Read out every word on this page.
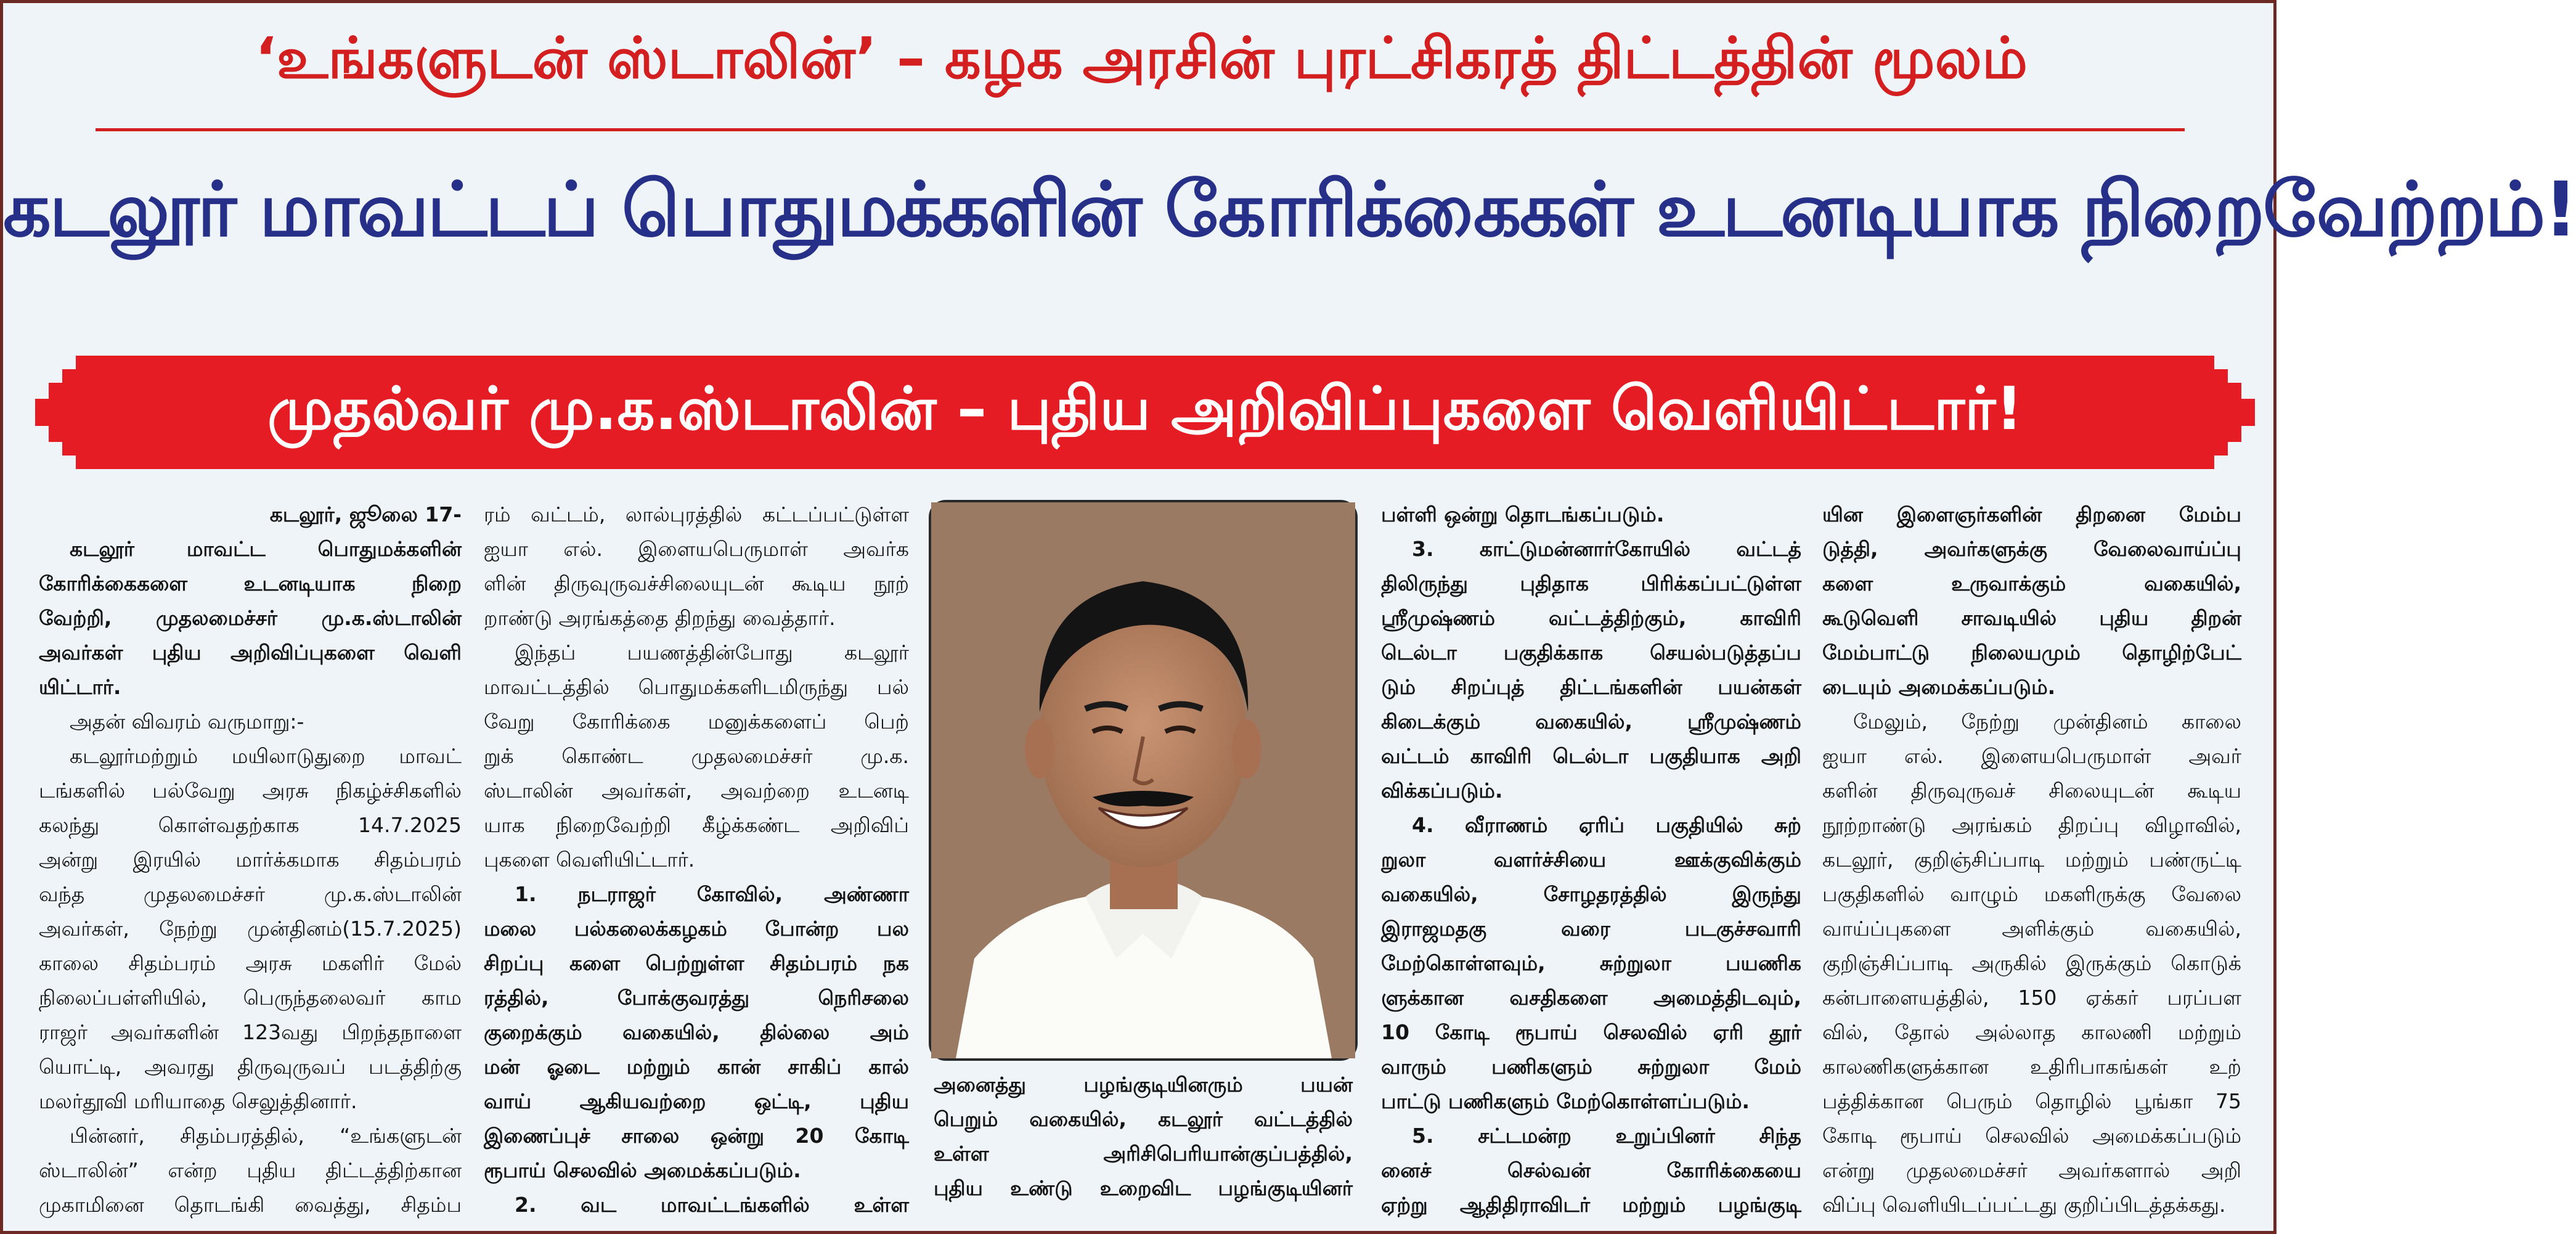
‘உங்களுடன் ஸ்டாலின்’ – கழக அரசின் புரட்சிகரத் திட்டத்தின் மூலம்
கடலூர் மாவட்டப் பொதுமக்களின் கோரிக்கைகள் உடனடியாக நிறைவேற்றம்!
முதல்வர் மு.க.ஸ்டாலின் – புதிய அறிவிப்புகளை வெளியிட்டார்!

கடலூர், ஜூலை 17-

கடலூர் மாவட்ட பொதுமக்களின்

கோரிக்கைகளை உடனடியாக நிறை

வேற்றி, முதலமைச்சர் மு.க.ஸ்டாலின்

அவர்கள் புதிய அறிவிப்புகளை வெளி

யிட்டார்.

அதன் விவரம் வருமாறு:-

கடலூர்மற்றும் மயிலாடுதுறை மாவட்

டங்களில் பல்வேறு அரசு நிகழ்ச்சிகளில்

கலந்து கொள்வதற்காக 14.7.2025

அன்று இரயில் மார்க்கமாக சிதம்பரம்

வந்த முதலமைச்சர் மு.க.ஸ்டாலின்

அவர்கள், நேற்று முன்தினம்(15.7.2025)

காலை சிதம்பரம் அரசு மகளிர் மேல்

நிலைப்பள்ளியில், பெருந்தலைவர் காம

ராஜர் அவர்களின் 123வது பிறந்தநாளை

யொட்டி, அவரது திருவுருவப் படத்திற்கு

மலர்தூவி மரியாதை செலுத்தினார்.

பின்னர், சிதம்பரத்தில், “உங்களுடன்

ஸ்டாலின்” என்ற புதிய திட்டத்திற்கான

முகாமினை தொடங்கி வைத்து, சிதம்ப

ரம் வட்டம், லால்புரத்தில் கட்டப்பட்டுள்ள

ஐயா எல். இளையபெருமாள் அவர்க

ளின் திருவுருவச்சிலையுடன் கூடிய நூற்

றாண்டு அரங்கத்தை திறந்து வைத்தார்.

இந்தப் பயணத்தின்போது கடலூர்

மாவட்டத்தில் பொதுமக்களிடமிருந்து பல்

வேறு கோரிக்கை மனுக்களைப் பெற்

றுக் கொண்ட முதலமைச்சர் மு.க.

ஸ்டாலின் அவர்கள், அவற்றை உடனடி

யாக நிறைவேற்றி கீழ்க்கண்ட அறிவிப்

புகளை வெளியிட்டார்.

1. நடராஜர் கோவில், அண்ணா

மலை பல்கலைக்கழகம் போன்ற பல

சிறப்பு களை பெற்றுள்ள சிதம்பரம் நக

ரத்தில், போக்குவரத்து நெரிசலை

குறைக்கும் வகையில், தில்லை அம்

மன் ஓடை மற்றும் கான் சாகிப் கால்

வாய் ஆகியவற்றை ஒட்டி, புதிய

இணைப்புச் சாலை ஒன்று 20 கோடி

ரூபாய் செலவில் அமைக்கப்படும்.

2. வட மாவட்டங்களில் உள்ள

அனைத்து பழங்குடியினரும் பயன்

பெறும் வகையில், கடலூர் வட்டத்தில்

உள்ள அரிசிபெரியான்குப்பத்தில்,

புதிய உண்டு உறைவிட பழங்குடியினர்

பள்ளி ஒன்று தொடங்கப்படும்.

3. காட்டுமன்னார்கோயில் வட்டத்

திலிருந்து புதிதாக பிரிக்கப்பட்டுள்ள

ஸ்ரீமுஷ்ணம் வட்டத்திற்கும், காவிரி

டெல்டா பகுதிக்காக செயல்படுத்தப்ப

டும் சிறப்புத் திட்டங்களின் பயன்கள்

கிடைக்கும் வகையில், ஸ்ரீமுஷ்ணம்

வட்டம் காவிரி டெல்டா பகுதியாக அறி

விக்கப்படும்.

4. வீராணம் ஏரிப் பகுதியில் சுற்

றுலா வளர்ச்சியை ஊக்குவிக்கும்

வகையில், சோழதரத்தில் இருந்து

இராஜமதகு வரை படகுச்சவாரி

மேற்கொள்ளவும், சுற்றுலா பயணிக

ளுக்கான வசதிகளை அமைத்திடவும்,

10 கோடி ரூபாய் செலவில் ஏரி தூர்

வாரும் பணிகளும் சுற்றுலா மேம்

பாட்டு பணிகளும் மேற்கொள்ளப்படும்.

5. சட்டமன்ற உறுப்பினர் சிந்த

னைச் செல்வன் கோரிக்கையை

ஏற்று ஆதிதிராவிடர் மற்றும் பழங்குடி

யின இளைஞர்களின் திறனை மேம்ப

டுத்தி, அவர்களுக்கு வேலைவாய்ப்பு

களை உருவாக்கும் வகையில்,

கூடுவெளி சாவடியில் புதிய திறன்

மேம்பாட்டு நிலையமும் தொழிற்பேட்

டையும் அமைக்கப்படும்.

மேலும், நேற்று முன்தினம் காலை

ஐயா எல். இளையபெருமாள் அவர்

களின் திருவுருவச் சிலையுடன் கூடிய

நூற்றாண்டு அரங்கம் திறப்பு விழாவில்,

கடலூர், குறிஞ்சிப்பாடி மற்றும் பண்ருட்டி

பகுதிகளில் வாழும் மகளிருக்கு வேலை

வாய்ப்புகளை அளிக்கும் வகையில்,

குறிஞ்சிப்பாடி அருகில் இருக்கும் கொடுக்

கன்பாளையத்தில், 150 ஏக்கர் பரப்பள

வில், தோல் அல்லாத காலணி மற்றும்

காலணிகளுக்கான உதிரிபாகங்கள் உற்

பத்திக்கான பெரும் தொழில் பூங்கா 75

கோடி ரூபாய் செலவில் அமைக்கப்படும்

என்று முதலமைச்சர் அவர்களால் அறி

விப்பு வெளியிடப்பட்டது குறிப்பிடத்தக்கது.
